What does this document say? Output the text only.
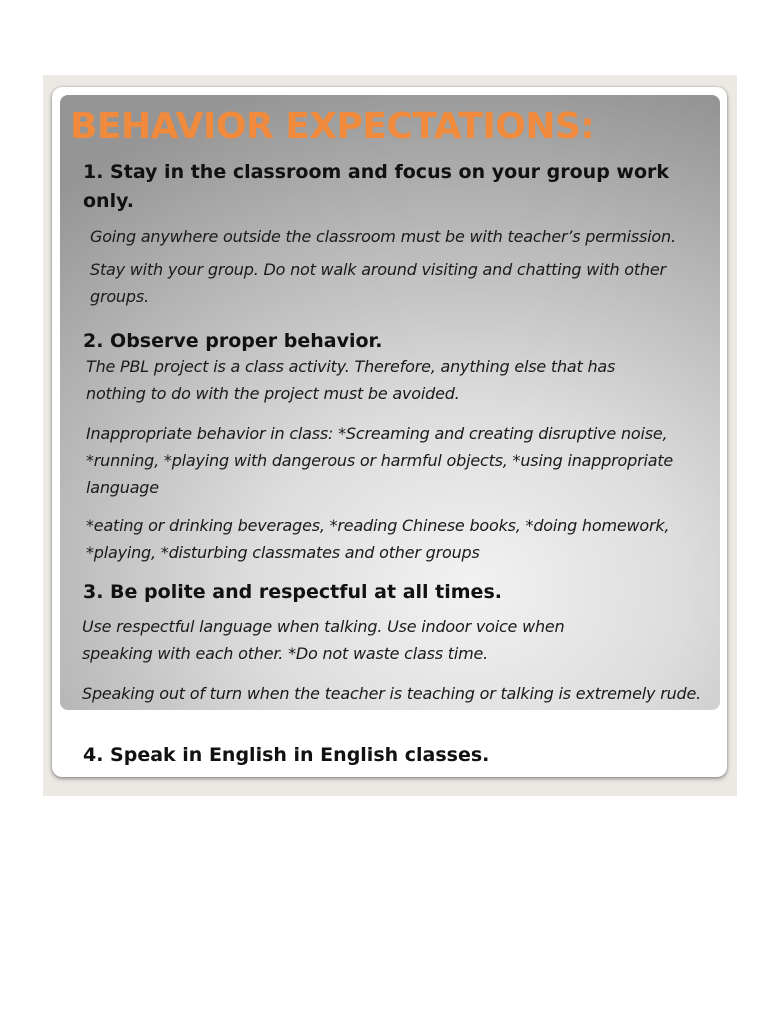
BEHAVIOR EXPECTATIONS:
1. Stay in the classroom and focus on your group work only.

Going anywhere outside the classroom must be with teacher’s permission.

Stay with your group. Do not walk around visiting and chatting with other groups.

2. Observe proper behavior.

The PBL project is a class activity. Therefore, anything else that has nothing to do with the project must be avoided.

Inappropriate behavior in class: *Screaming and creating disruptive noise, *running, *playing with dangerous or harmful objects, *using inappropriate language

*eating or drinking beverages, *reading Chinese books, *doing homework, *playing, *disturbing classmates and other groups

3. Be polite and respectful at all times.

Use respectful language when talking. Use indoor voice when speaking with each other. *Do not waste class time.

Speaking out of turn when the teacher is teaching or talking is extremely rude.

4. Speak in English in English classes.
